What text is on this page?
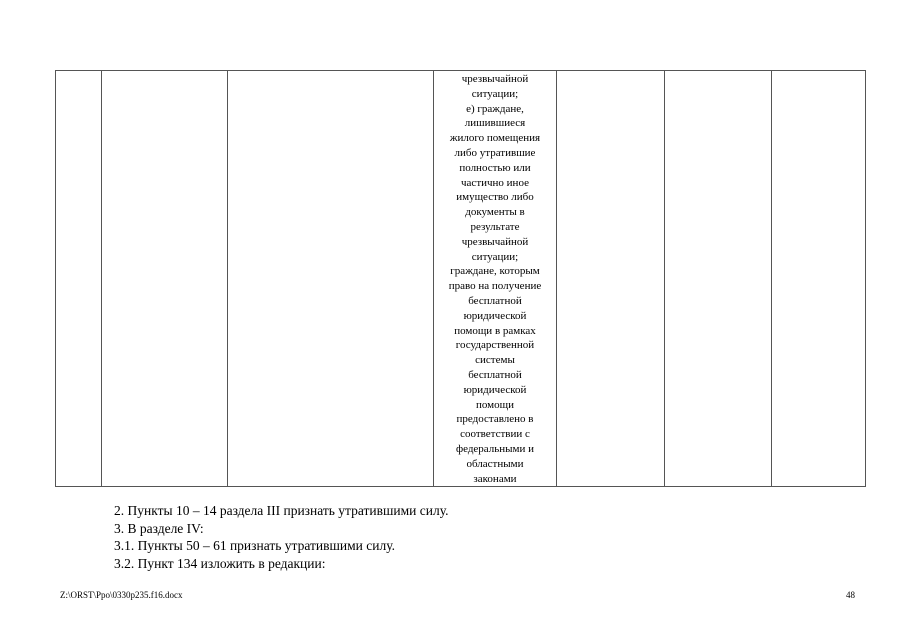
чрезвычайной
ситуации;
е) граждане,
лишившиеся
жилого помещения
либо утратившие
полностью или
частично иное
имущество либо
документы в
результате
чрезвычайной
ситуации;
граждане, которым
право на получение
бесплатной
юридической
помощи в рамках
государственной
системы
бесплатной
юридической
помощи
предоставлено в
соответствии с
федеральными и
областными
законами

2. Пункты 10 – 14 раздела III признать утратившими силу.
3. В разделе IV:
3.1. Пункты 50 – 61 признать утратившими силу.
3.2. Пункт 134 изложить в редакции:
Z:\ORST\Ppo\0330p235.f16.docx	48
